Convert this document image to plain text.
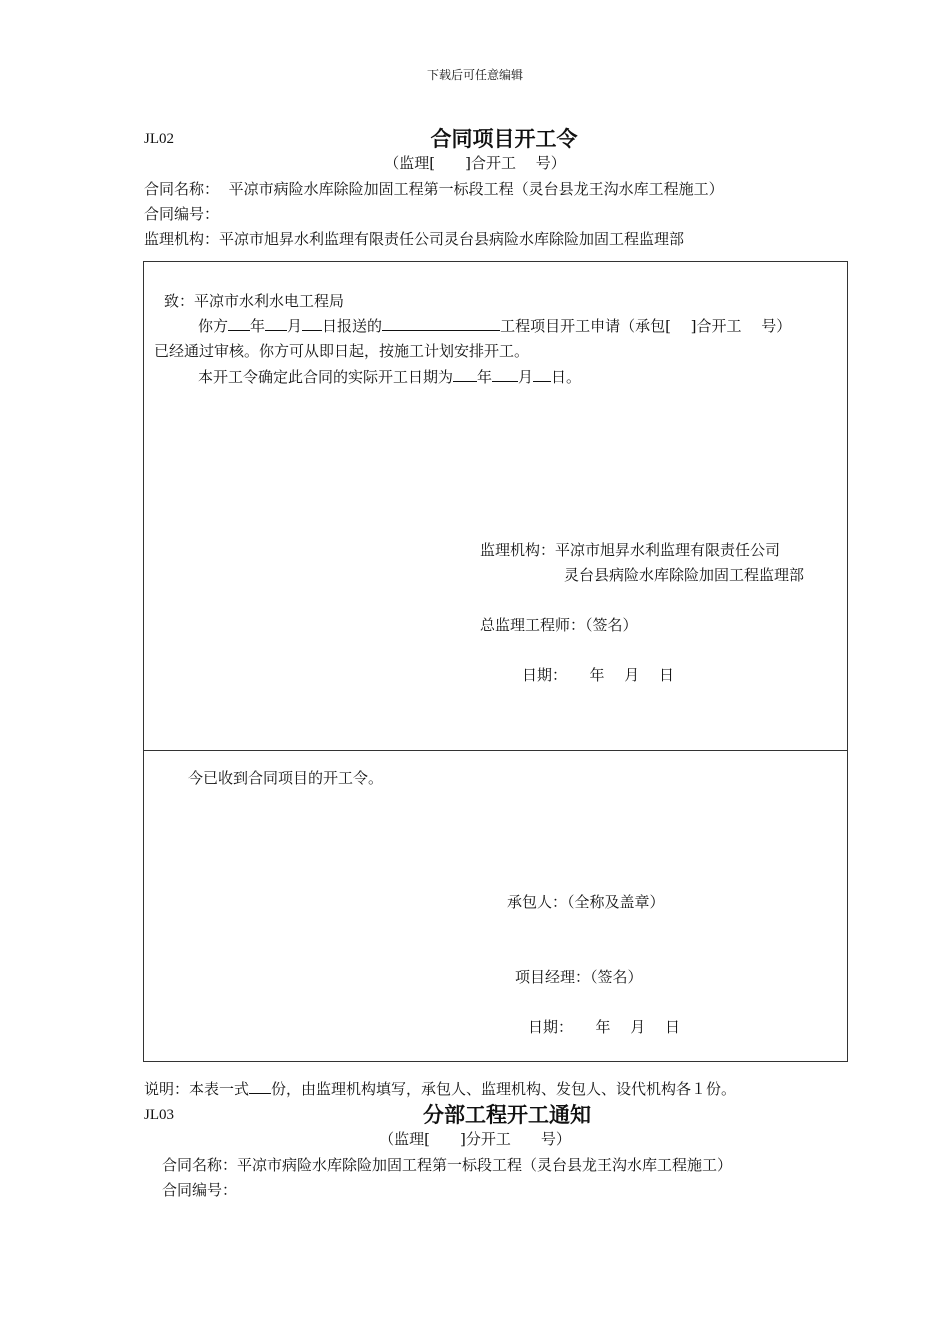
下载后可任意编辑
JL02	合同项目开工令
（监理[　　]合开工　 号）
合同名称： 平凉市病险水库除险加固工程第一标段工程（灵台县龙王沟水库工程施工）
合同编号：
监理机构：平凉市旭昇水利监理有限责任公司灵台县病险水库除险加固工程监理部
致：平凉市水利水电工程局
你方 年 月 日报送的	工程项目开工申请（承包[　 ]合开工　 号）
已经通过审核。你方可从即日起，按施工计划安排开工。
本开工令确定此合同的实际开工日期为 年 月 日。
监理机构：平凉市旭昇水利监理有限责任公司
灵台县病险水库除险加固工程监理部
总监理工程师：（签名）
日期：　　年　 月　 日
今已收到合同项目的开工令。
承包人：（全称及盖章）
项目经理：（签名）
日期：　　年　 月　 日
说明：本表一式 份，由监理机构填写，承包人、监理机构、发包人、设代机构各１份。
JL03	分部工程开工通知
（监理[　　]分开工　　号）
合同名称：平凉市病险水库除险加固工程第一标段工程（灵台县龙王沟水库工程施工）
合同编号：
